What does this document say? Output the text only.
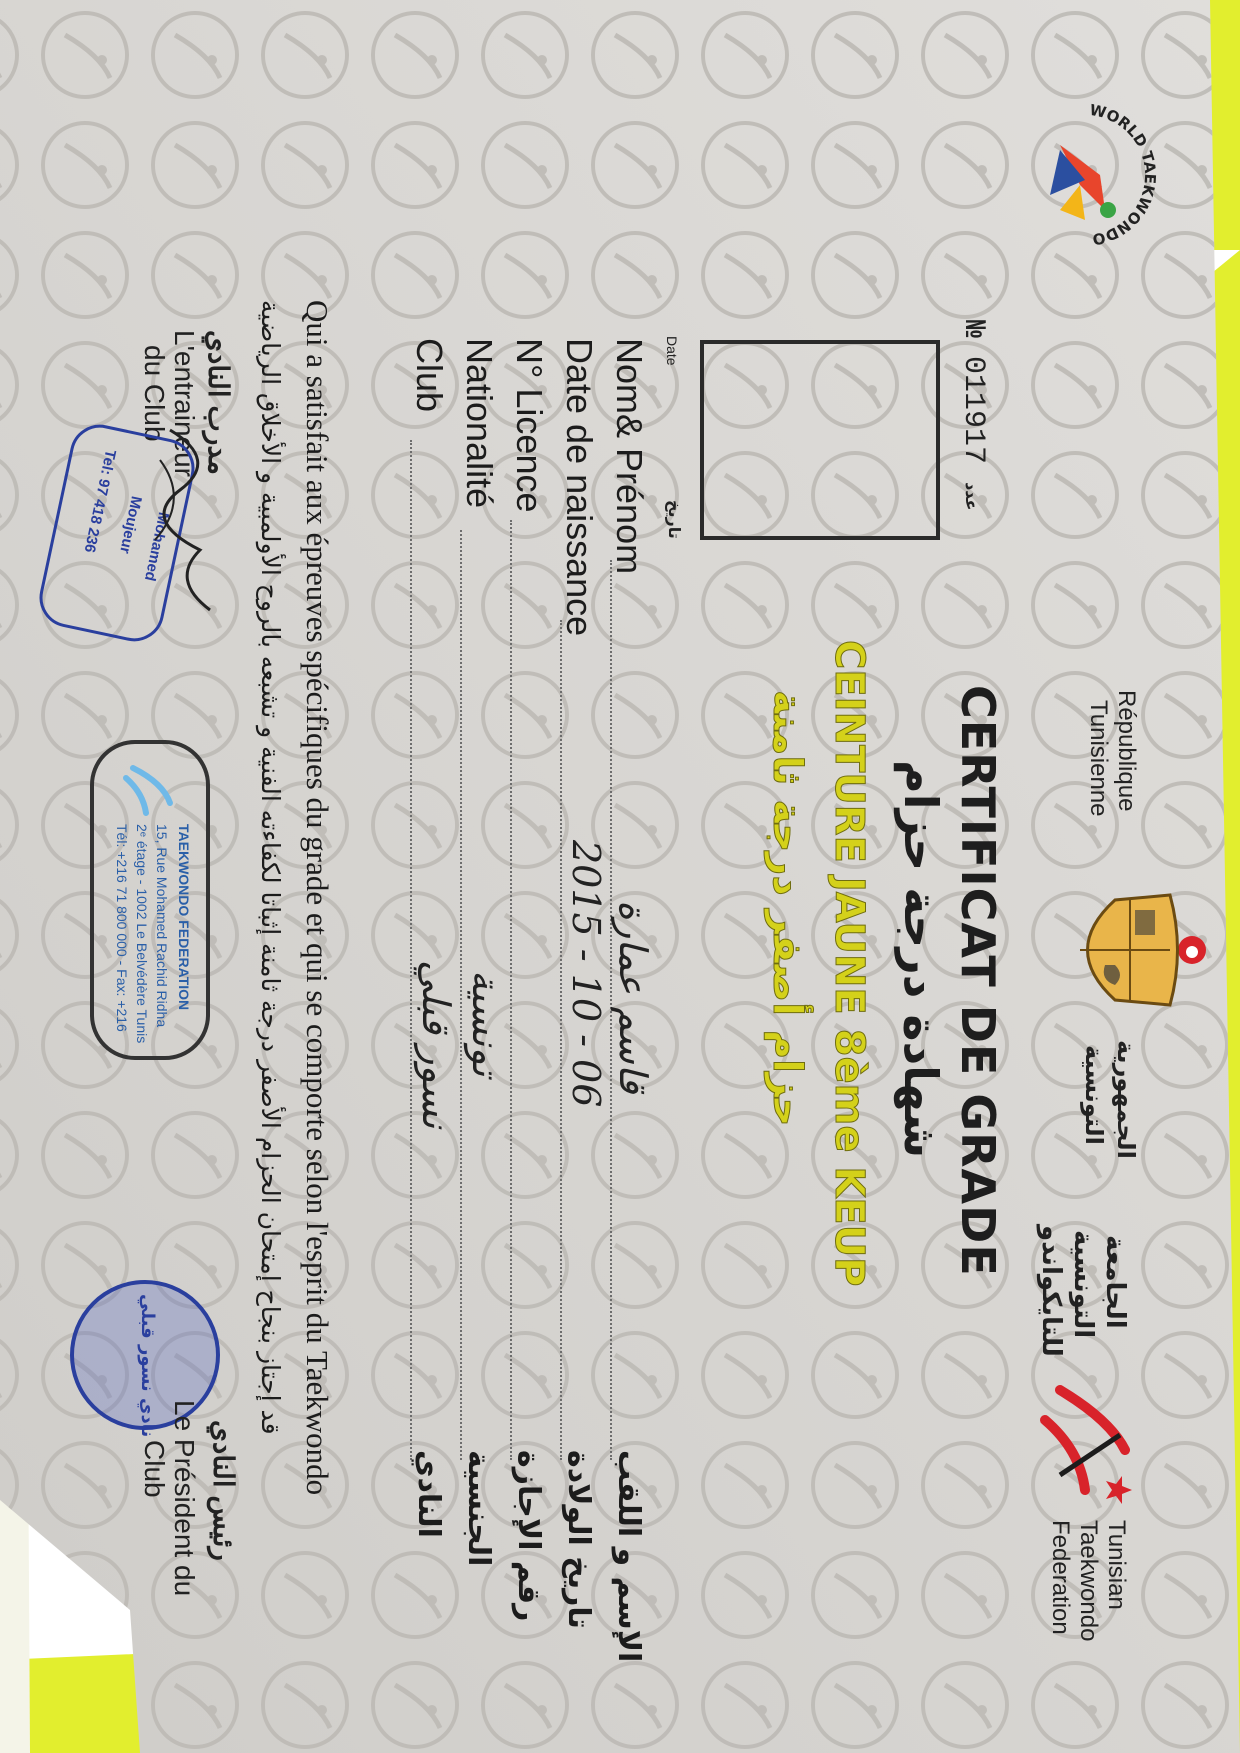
WORLD TAEKWONDO
№ 011917 عدد
Date
تاريخ
République
Tunisienne
الجمهورية
التونسية
الجامعة
التونسية
للتايكواندو
Tunisian
Taekwondo
Federation
CERTIFICAT DE GRADE
شهادة درجة حزام
CEINTURE JAUNE 8ème KEUP
حزام أصفر درجة ثامنة
Nom& Prénom
قاسم عمارة
الإسم و اللقب
Date de naissance
2015 - 10 - 06
تاريخ الولادة
N° Licence
رقم الإجازة
Nationalité
تونسية
الجنسية
Club
نسور قبلي
النادي
Qui a satisfait aux épreuves spécifiques du grade et qui se comporte selon l'esprit du Taekwondo
قد إجتاز بنجاح إمتحان الحزام الأصفر درجة ثامنة إثباتا لكفاءته الفنية و تشبعه بالروح الأولمبية و الأخلاق الرياضية
مدرب النادي
L'entraineur
du Club
Mohamed
Moujeur
Tel: 97 418 236
TAEKWONDO FEDERATION
15, Rue Mohamed Rachid Ridha
2ᵉ étage - 1002 Le Belvédère Tunis
Tél: +216 71 800 000 - Fax: +216
نادي نسور قبلي
رئيس النادي
Le Président du
Club
